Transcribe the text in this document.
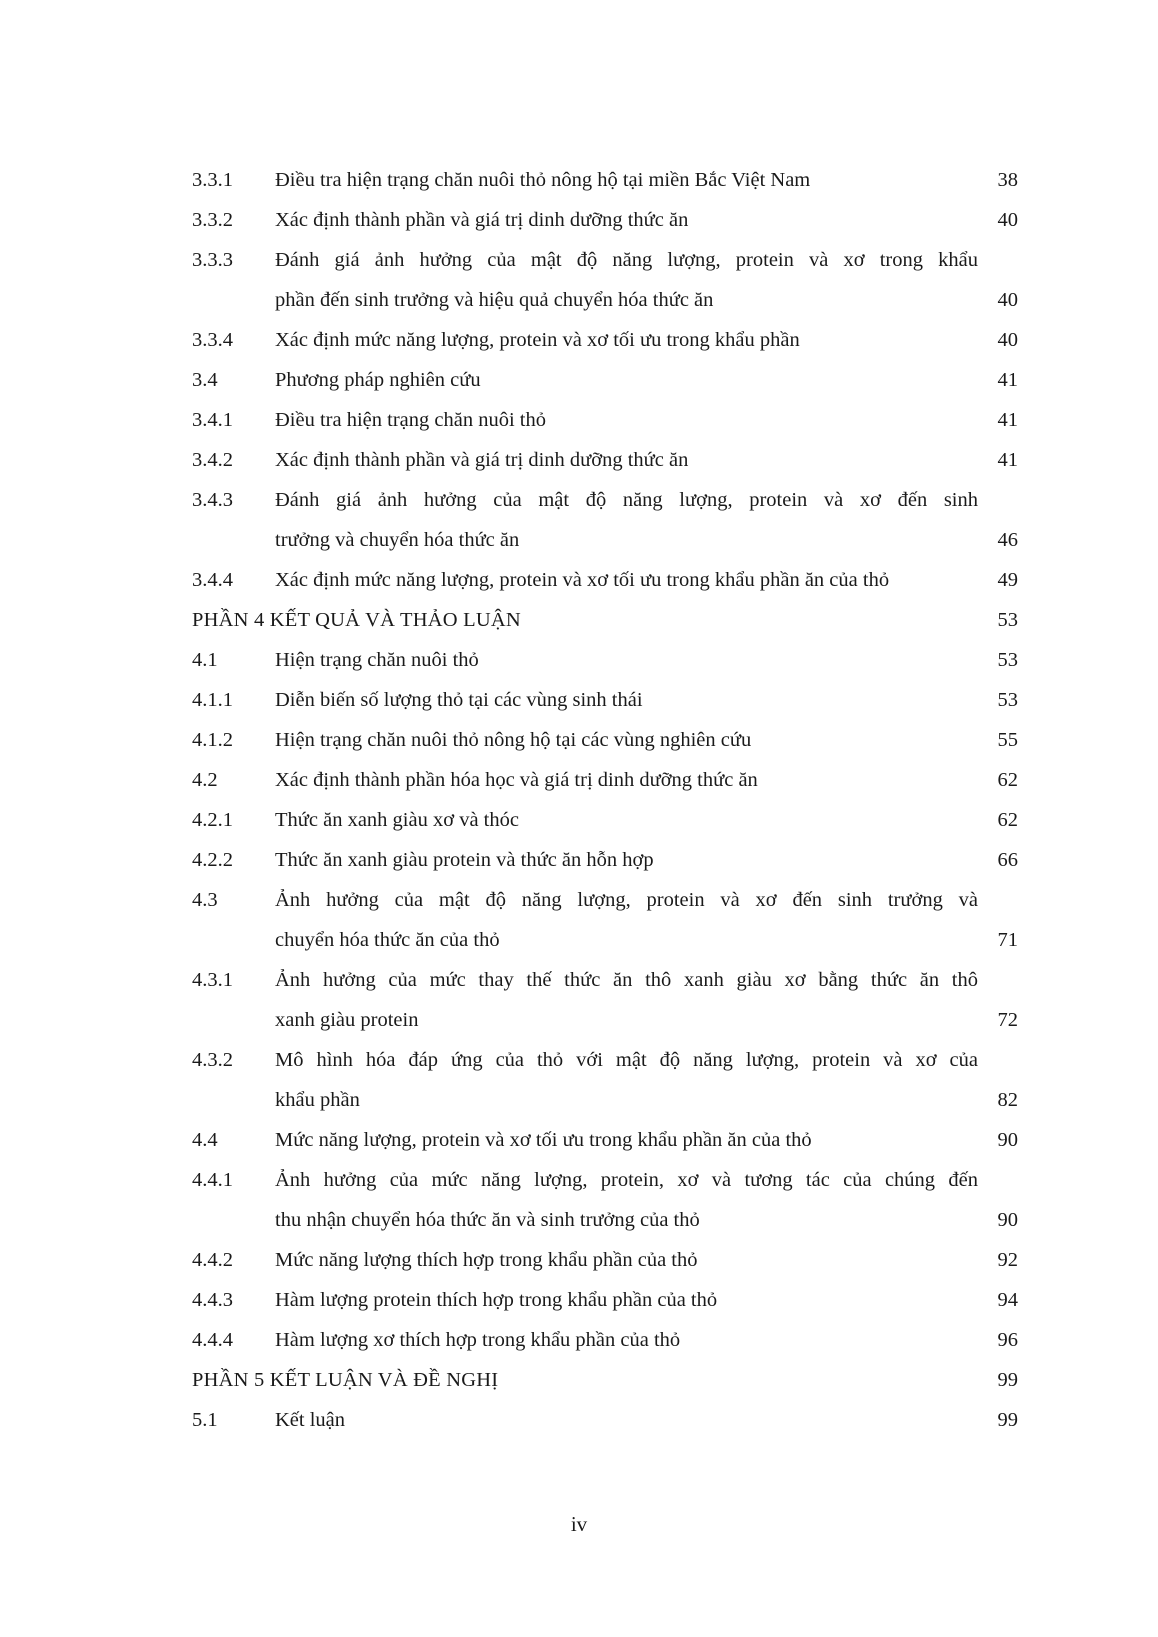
3.3.1	Điều tra hiện trạng chăn nuôi thỏ nông hộ tại miền Bắc Việt Nam	38
3.3.2	Xác định thành phần và giá trị dinh dưỡng thức ăn	40
3.3.3	Đánh giá ảnh hưởng của mật độ năng lượng, protein và xơ trong khẩu
phần đến sinh trưởng và hiệu quả chuyển hóa thức ăn	40
3.3.4	Xác định mức năng lượng, protein và xơ tối ưu trong khẩu phần	40
3.4	Phương pháp nghiên cứu	41
3.4.1	Điều tra hiện trạng chăn nuôi thỏ	41
3.4.2	Xác định thành phần và giá trị dinh dưỡng thức ăn	41
3.4.3	Đánh giá ảnh hưởng của mật độ năng lượng, protein và xơ đến sinh
trưởng và chuyển hóa thức ăn	46
3.4.4	Xác định mức năng lượng, protein và xơ tối ưu trong khẩu phần ăn của thỏ	49
PHẦN 4 KẾT QUẢ VÀ THẢO LUẬN	53
4.1	Hiện trạng chăn nuôi thỏ	53
4.1.1	Diễn biến số lượng thỏ tại các vùng sinh thái	53
4.1.2	Hiện trạng chăn nuôi thỏ nông hộ tại các vùng nghiên cứu	55
4.2	Xác định thành phần hóa học và giá trị dinh dưỡng thức ăn	62
4.2.1	Thức ăn xanh giàu xơ và thóc	62
4.2.2	Thức ăn xanh giàu protein và thức ăn hỗn hợp	66
4.3	Ảnh hưởng của mật độ năng lượng, protein và xơ đến sinh trưởng và
chuyển hóa thức ăn của thỏ	71
4.3.1	Ảnh hưởng của mức thay thế thức ăn thô xanh giàu xơ bằng thức ăn thô
xanh giàu protein	72
4.3.2	Mô hình hóa đáp ứng của thỏ với mật độ năng lượng, protein và xơ của
khẩu phần	82
4.4	Mức năng lượng, protein và xơ tối ưu trong khẩu phần ăn của thỏ	90
4.4.1	Ảnh hưởng của mức năng lượng, protein, xơ và tương tác của chúng đến
thu nhận chuyển hóa thức ăn và sinh trưởng của thỏ	90
4.4.2	Mức năng lượng thích hợp trong khẩu phần của thỏ	92
4.4.3	Hàm lượng protein thích hợp trong khẩu phần của thỏ	94
4.4.4	Hàm lượng xơ thích hợp trong khẩu phần của thỏ	96
PHẦN 5 KẾT LUẬN VÀ ĐỀ NGHỊ	99
5.1	Kết luận	99
iv
